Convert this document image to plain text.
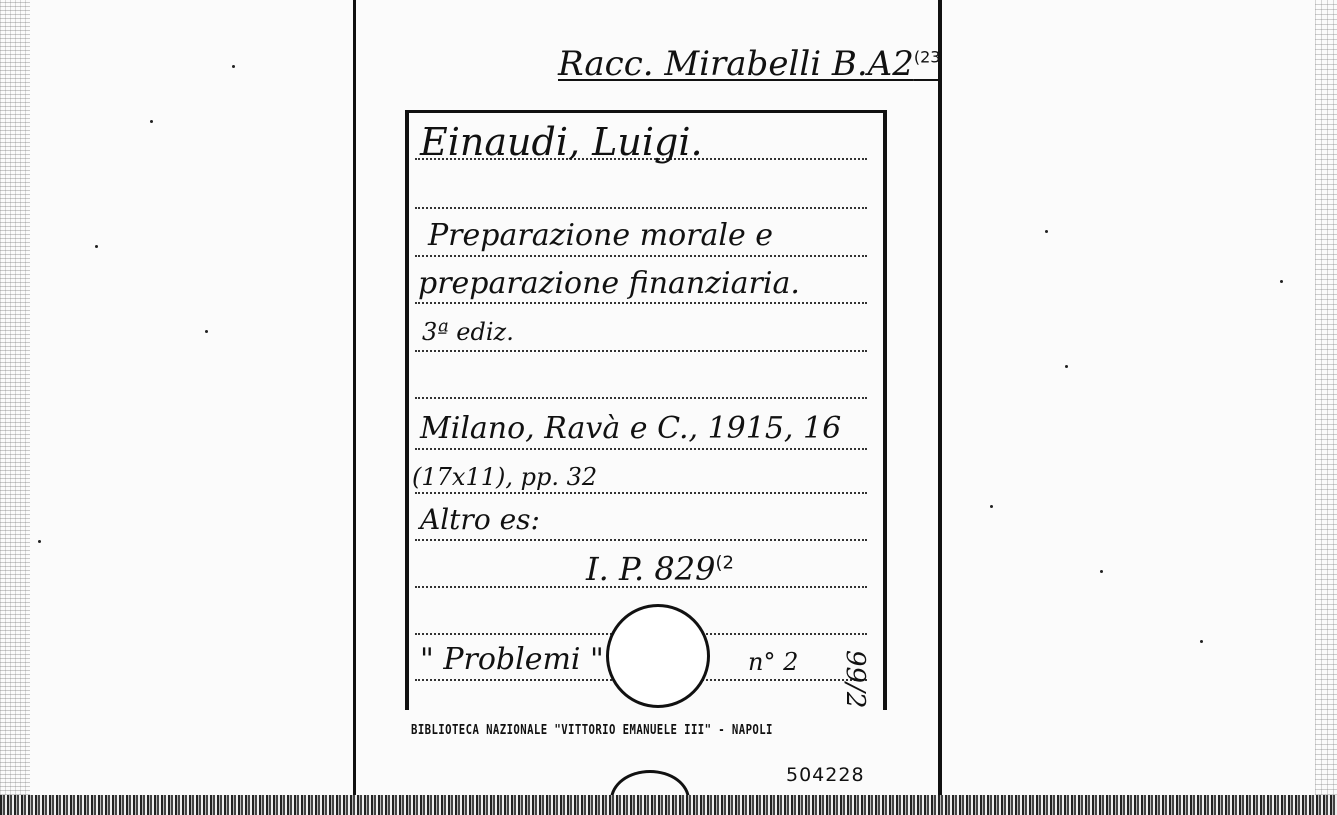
Racc. Mirabelli B.A2$^{(23}$
Einaudi, Luigi.
Preparazione morale e
preparazione finanziaria.
3ª ediz.
Milano, Ravà e C., 1915, 16
(17x11), pp. 32
Altro es:
I. P. 829$^{(2}$
" Problemi "	n° 2 99/2
BIBLIOTECA NAZIONALE "VITTORIO EMANUELE III" - NAPOLI
504228
